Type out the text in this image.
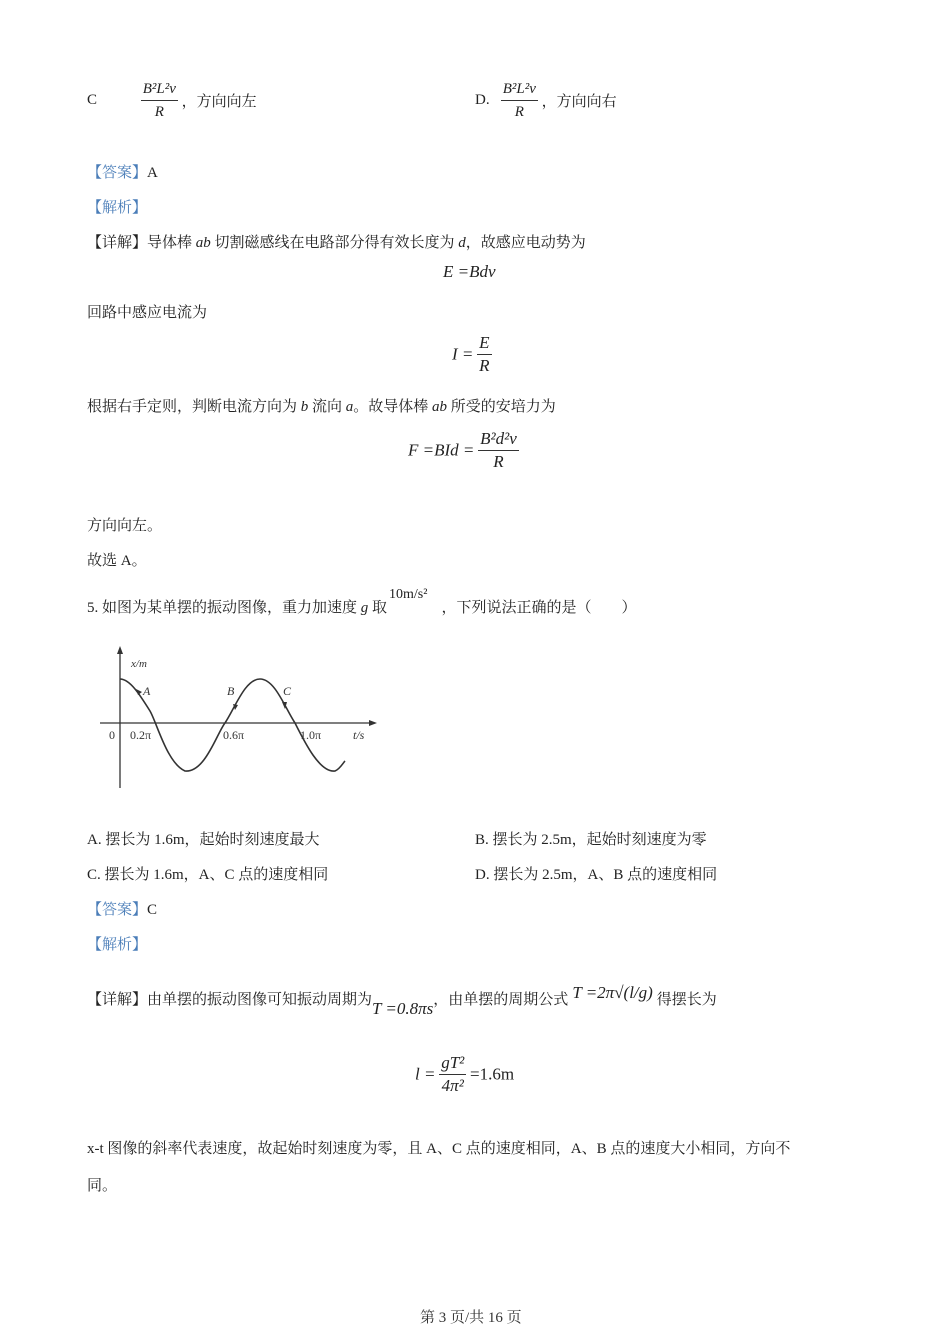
C	$\frac{\text{B²L²v}}{R}$ ，方向向左	D. $\frac{\text{B²L²v}}{R}$ ，方向向右
【答案】A
【解析】
【详解】导体棒 ab 切割磁感线在电路部分得有效长度为 d，故感应电动势为
E =Bdv
回路中感应电流为
$I = \frac{E}{R}$
根据右手定则，判断电流方向为 b 流向 a。故导体棒 ab 所受的安培力为
$F =BId = \frac{\text{B²d²v}}{R}$
方向向左。
故选 A。
5. 如图为某单摆的振动图像，重力加速度 g 取10m/s²，下列说法正确的是（　　）
x/m
A	B	C
0 0.2π	0.6π	1.0π	t/s
A. 摆长为 1.6m，起始时刻速度最大	B. 摆长为 2.5m，起始时刻速度为零
C. 摆长为 1.6m，A、C 点的速度相同	D. 摆长为 2.5m，A、B 点的速度相同
【答案】C
【解析】
【详解】由单摆的振动图像可知振动周期为T =0.8πs，由单摆的周期公式 T =2π√(l/g) 得摆长为
$l = \frac{\text{gT²}}{\text{4π²}} =1.6m$
x-t 图像的斜率代表速度，故起始时刻速度为零，且 A、C 点的速度相同，A、B 点的速度大小相同，方向不
同。
第 3 页/共 16 页
